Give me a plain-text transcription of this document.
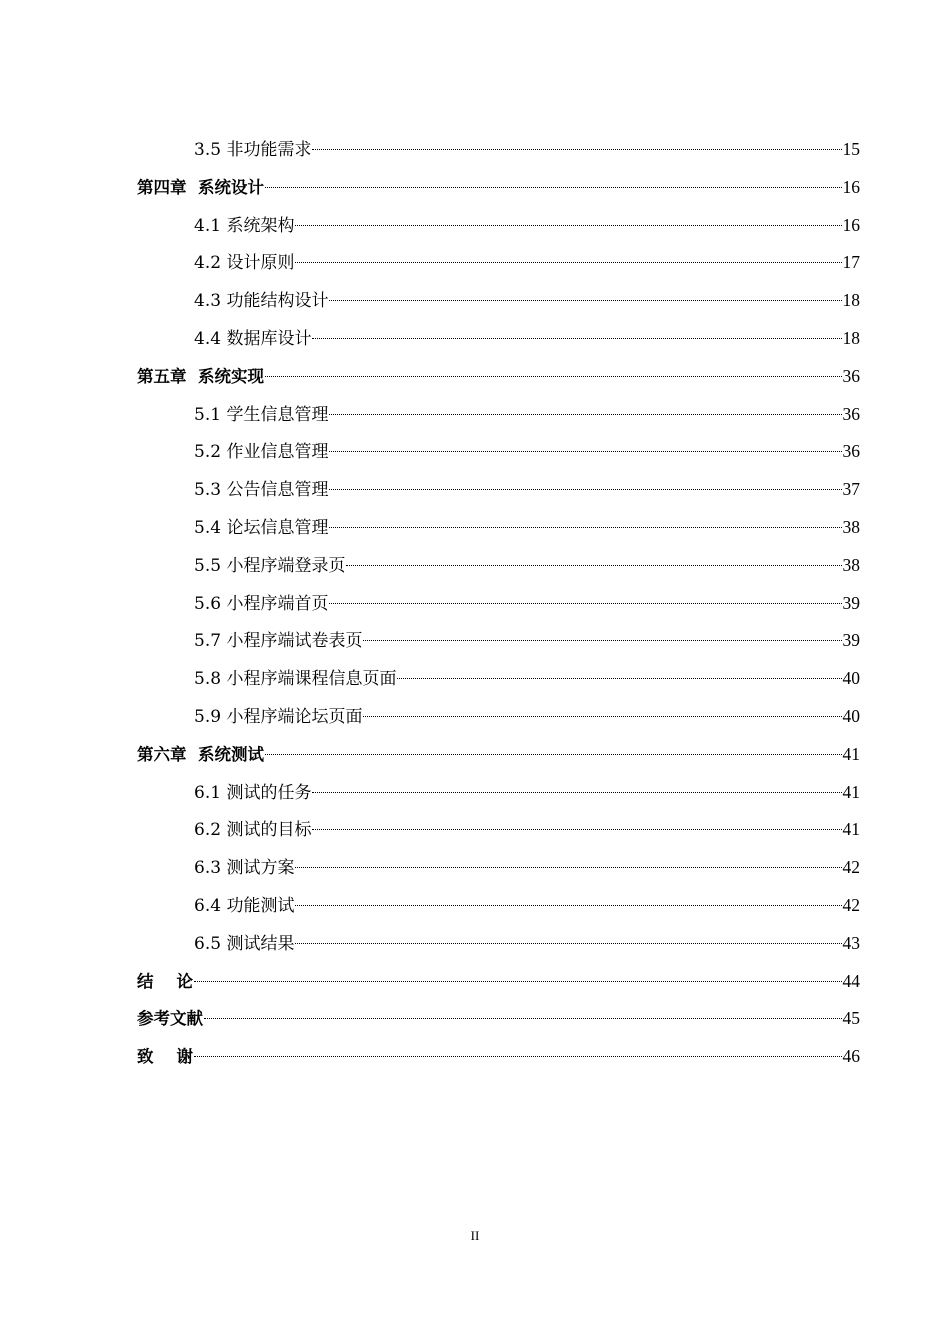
3.5 非功能需求	15
第四章  系统设计	16
4.1 系统架构	16
4.2 设计原则	17
4.3 功能结构设计	18
4.4 数据库设计	18
第五章  系统实现	36
5.1 学生信息管理	36
5.2 作业信息管理	36
5.3 公告信息管理	37
5.4 论坛信息管理	38
5.5 小程序端登录页	38
5.6 小程序端首页	39
5.7 小程序端试卷表页	39
5.8 小程序端课程信息页面	40
5.9 小程序端论坛页面	40
第六章  系统测试	41
6.1 测试的任务	41
6.2 测试的目标	41
6.3 测试方案	42
6.4 功能测试	42
6.5 测试结果	43
结    论	44
参考文献	45
致    谢	46
II
